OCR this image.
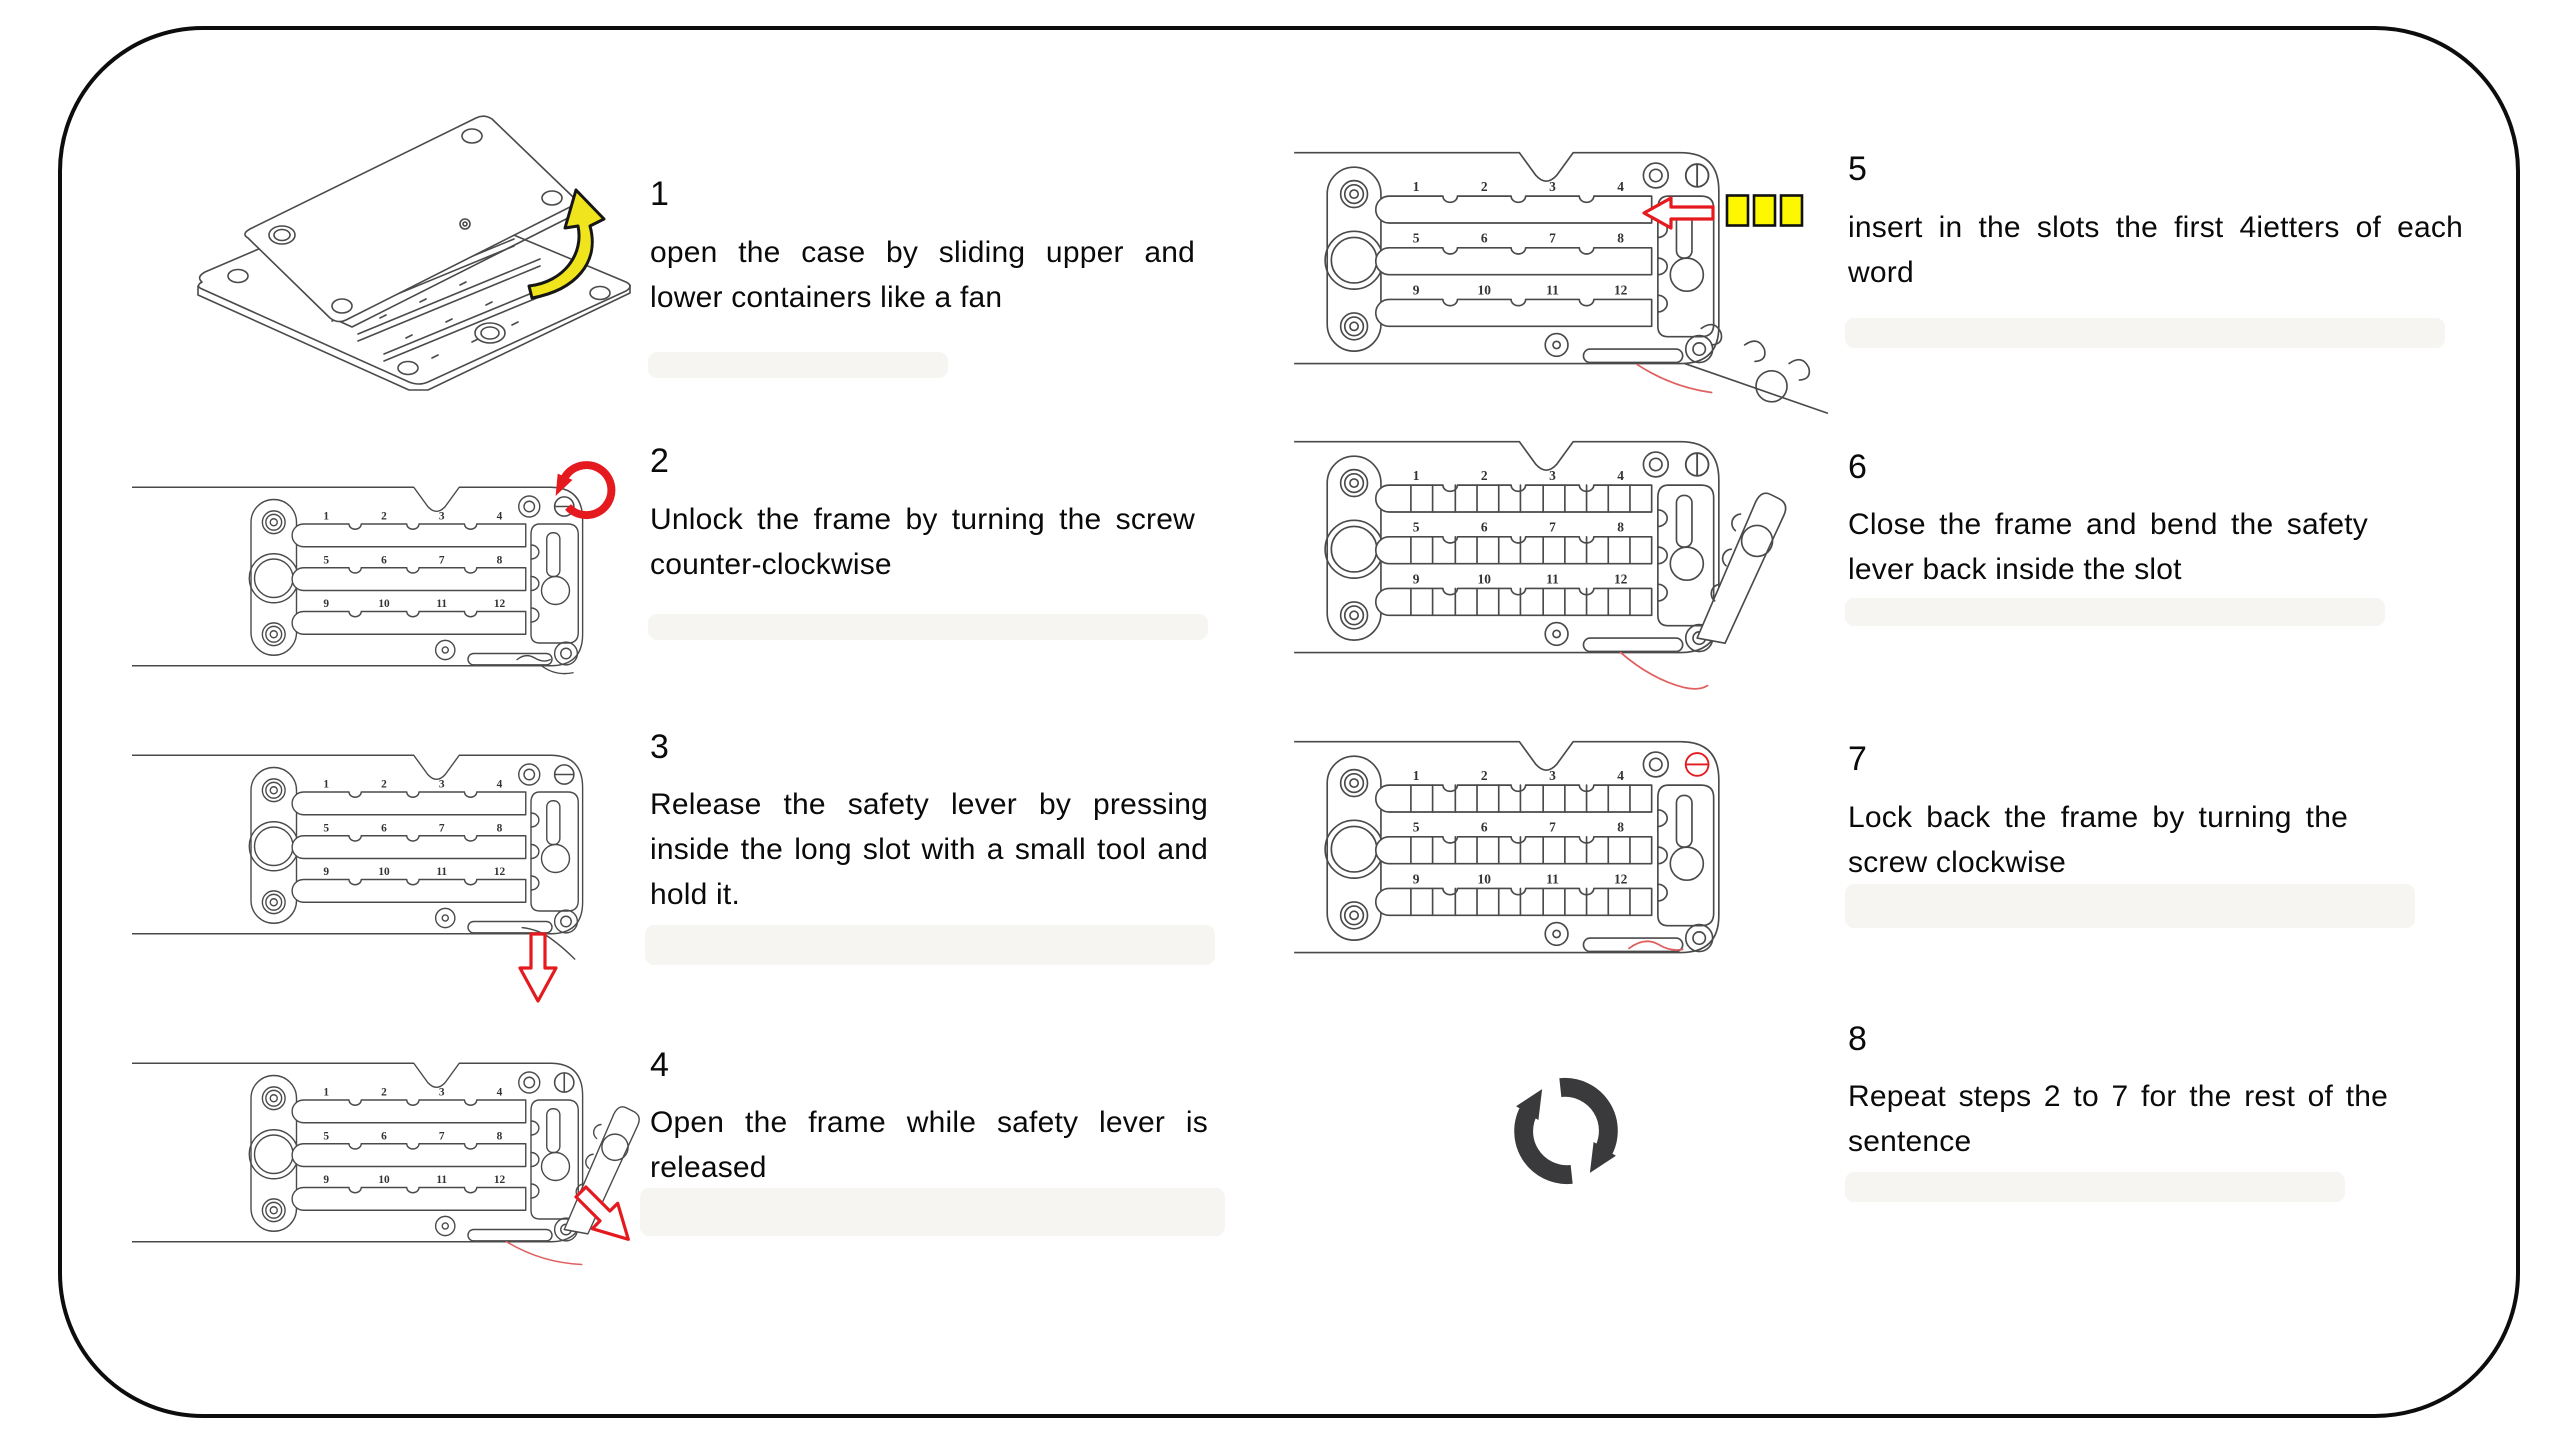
1	2	3	4
5	6	7	8
9	10	11	12
1	2	3	4
5	6	7	8
9	10	11	12
1	2	3	4
5	6	7	8
9	10	11	12
1	2	3	4
5	6	7	8
9	10	11	12
1	2	3	4
5	6	7	8
9	10	11	12
1	2	3	4
5	6	7	8
9	10	11	12
1
open the case by sliding upper and lower containers like a fan
2
Unlock the frame by turning the screw counter-clockwise
3
Release the safety lever by pressing inside the long slot with a small tool and hold it.
4
Open the frame while safety lever is released
5
insert in the slots the first 4ietters of each word
6
Close the frame and bend the safety lever back inside the slot
7
Lock back the frame by turning the screw clockwise
8
Repeat steps 2 to 7 for the rest of the sentence
